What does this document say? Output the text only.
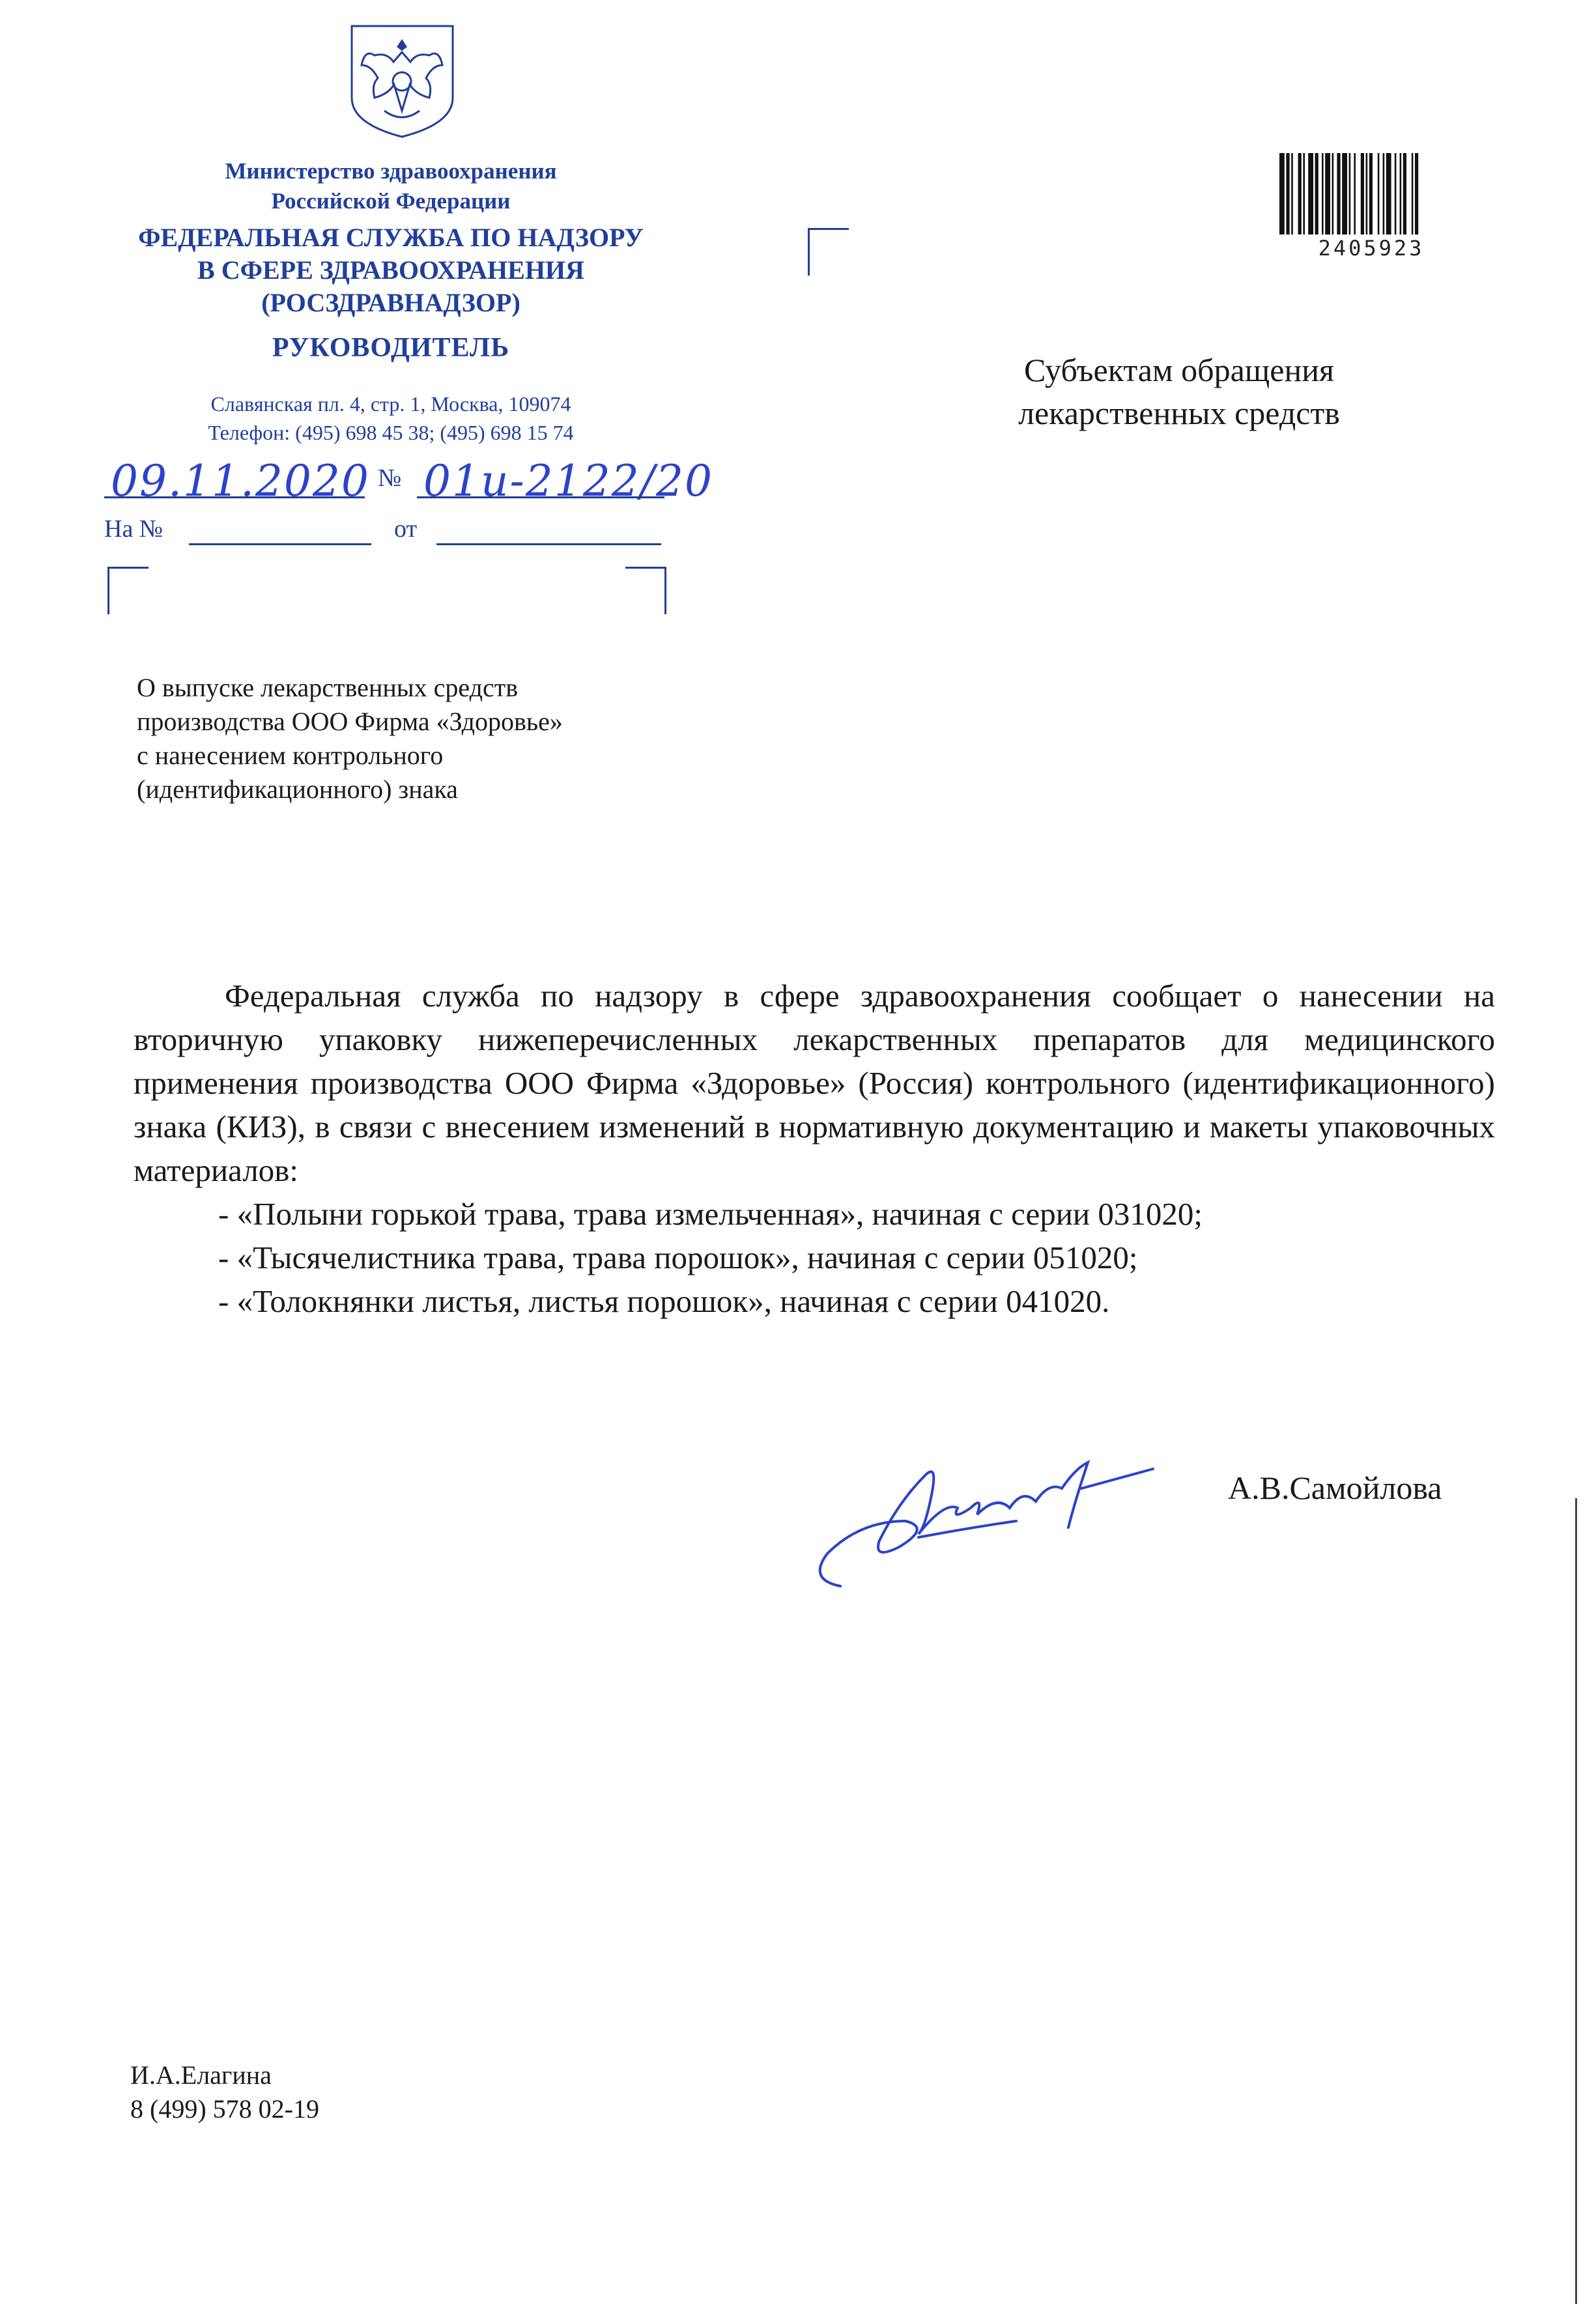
Министерство здравоохранения
Российской Федерации
ФЕДЕРАЛЬНАЯ СЛУЖБА ПО НАДЗОРУ
В СФЕРЕ ЗДРАВООХРАНЕНИЯ
(РОСЗДРАВНАДЗОР)
РУКОВОДИТЕЛЬ
Славянская пл. 4, стр. 1, Москва, 109074
Телефон: (495) 698 45 38; (495) 698 15 74
09.11.2020 № 01и-2122/20
На №	от
2405923
Субъектам обращения
лекарственных средств
О выпуске лекарственных средств
производства ООО Фирма «Здоровье»
с нанесением контрольного
(идентификационного) знака

Федеральная служба по надзору в сфере здравоохранения сообщает о нанесении на вторичную упаковку нижеперечисленных лекарственных препаратов для медицинского применения производства ООО Фирма «Здоровье» (Россия) контрольного (идентификационного) знака (КИЗ), в связи с внесением изменений в нормативную документацию и макеты упаковочных материалов:

- «Полыни горькой трава, трава измельченная», начиная с серии 031020;
- «Тысячелистника трава, трава порошок», начиная с серии 051020;
- «Толокнянки листья, листья порошок», начиная с серии 041020.
А.В.Самойлова
И.А.Елагина
8 (499) 578 02-19
